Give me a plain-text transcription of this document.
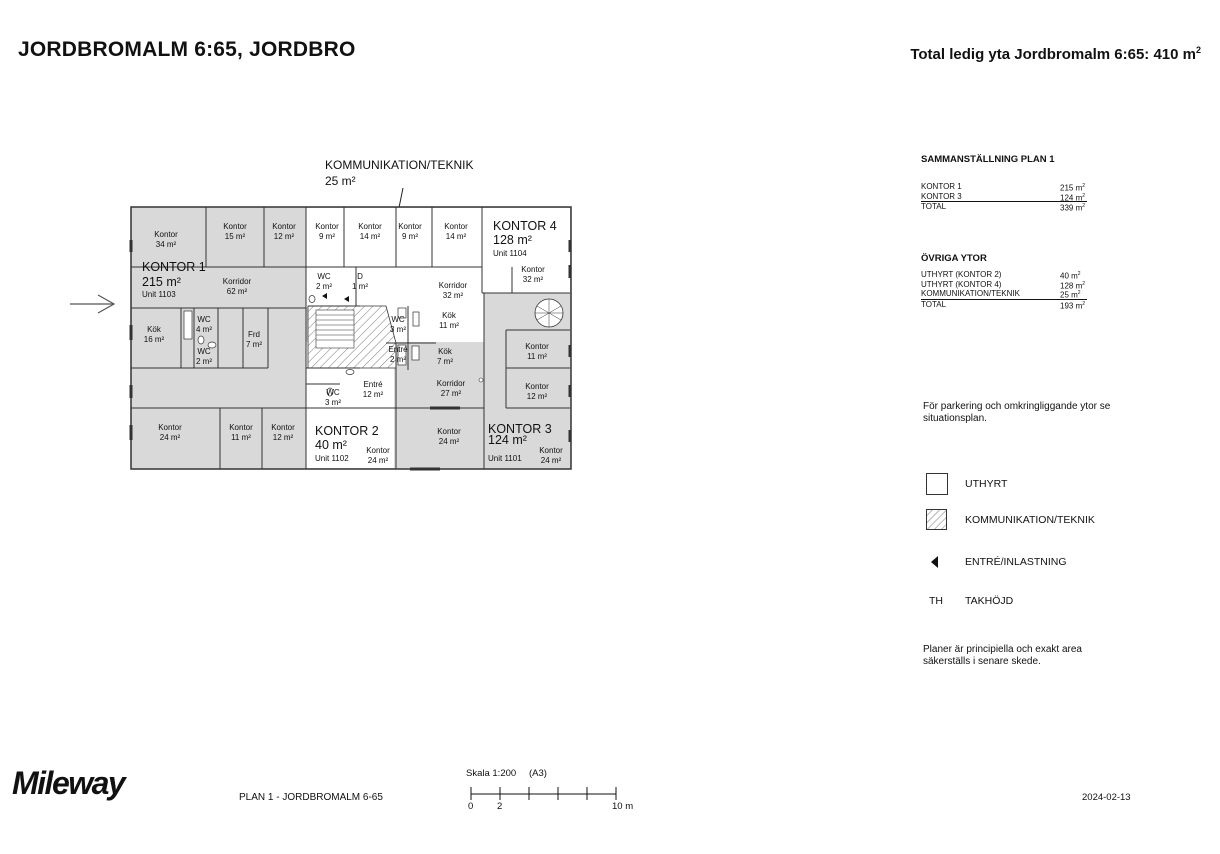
JORDBROMALM 6:65, JORDBRO	Total ledig yta Jordbromalm 6:65: 410 $m^2$
KOMMUNIKATION/TEKNIK
25 m²
Kontor
34 m²
Kontor
15 m²
Kontor
12 m²
Kontor
9 m²
Kontor
14 m²
Kontor
9 m²
Kontor
14 m²
Kontor
32 m²
Korridor
62 m²
WC
2 m²
D
1 m²	Korridor
32 m²
Kök
16 m²
WC
4 m²
WC
2 m²
Frd
7 m²
WC
3 m²
Kök
11 m²
Entré
2 m²
Kök
7 m²
Kontor
11 m²
Entré
12 m²
Korridor
27 m²
Kontor
12 m²
WC
3 m²
Kontor
24 m²
Kontor
11 m²
Kontor
12 m²
Kontor
24 m²
Kontor
24 m²
Kontor
24 m²
KONTOR 1
215 m²
Unit 1103
KONTOR 2
40 m²
Unit 1102
KONTOR 3
124 m²
Unit 1101
KONTOR 4
128 m²
Unit 1104
SAMMANSTÄLLNING PLAN 1
KONTOR 1	215 $m^2$
KONTOR 3	124 $m^2$
TOTAL	339 $m^2$
ÖVRIGA YTOR
UTHYRT (KONTOR 2)	40 $m^2$
UTHYRT (KONTOR 4)	128 $m^2$
KOMMUNIKATION/TEKNIK	25 $m^2$
TOTAL	193 $m^2$
För parkering och omkringliggande ytor se situationsplan.
UTHYRT
KOMMUNIKATION/TEKNIK
ENTRÉ/INLASTNING
TH TAKHÖJD
Planer är principiella och exakt area säkerställs i senare skede.
Mileway	PLAN 1 - JORDBROMALM 6-65
Skala 1:200 (A3)
0 2	10 m
2024-02-13
